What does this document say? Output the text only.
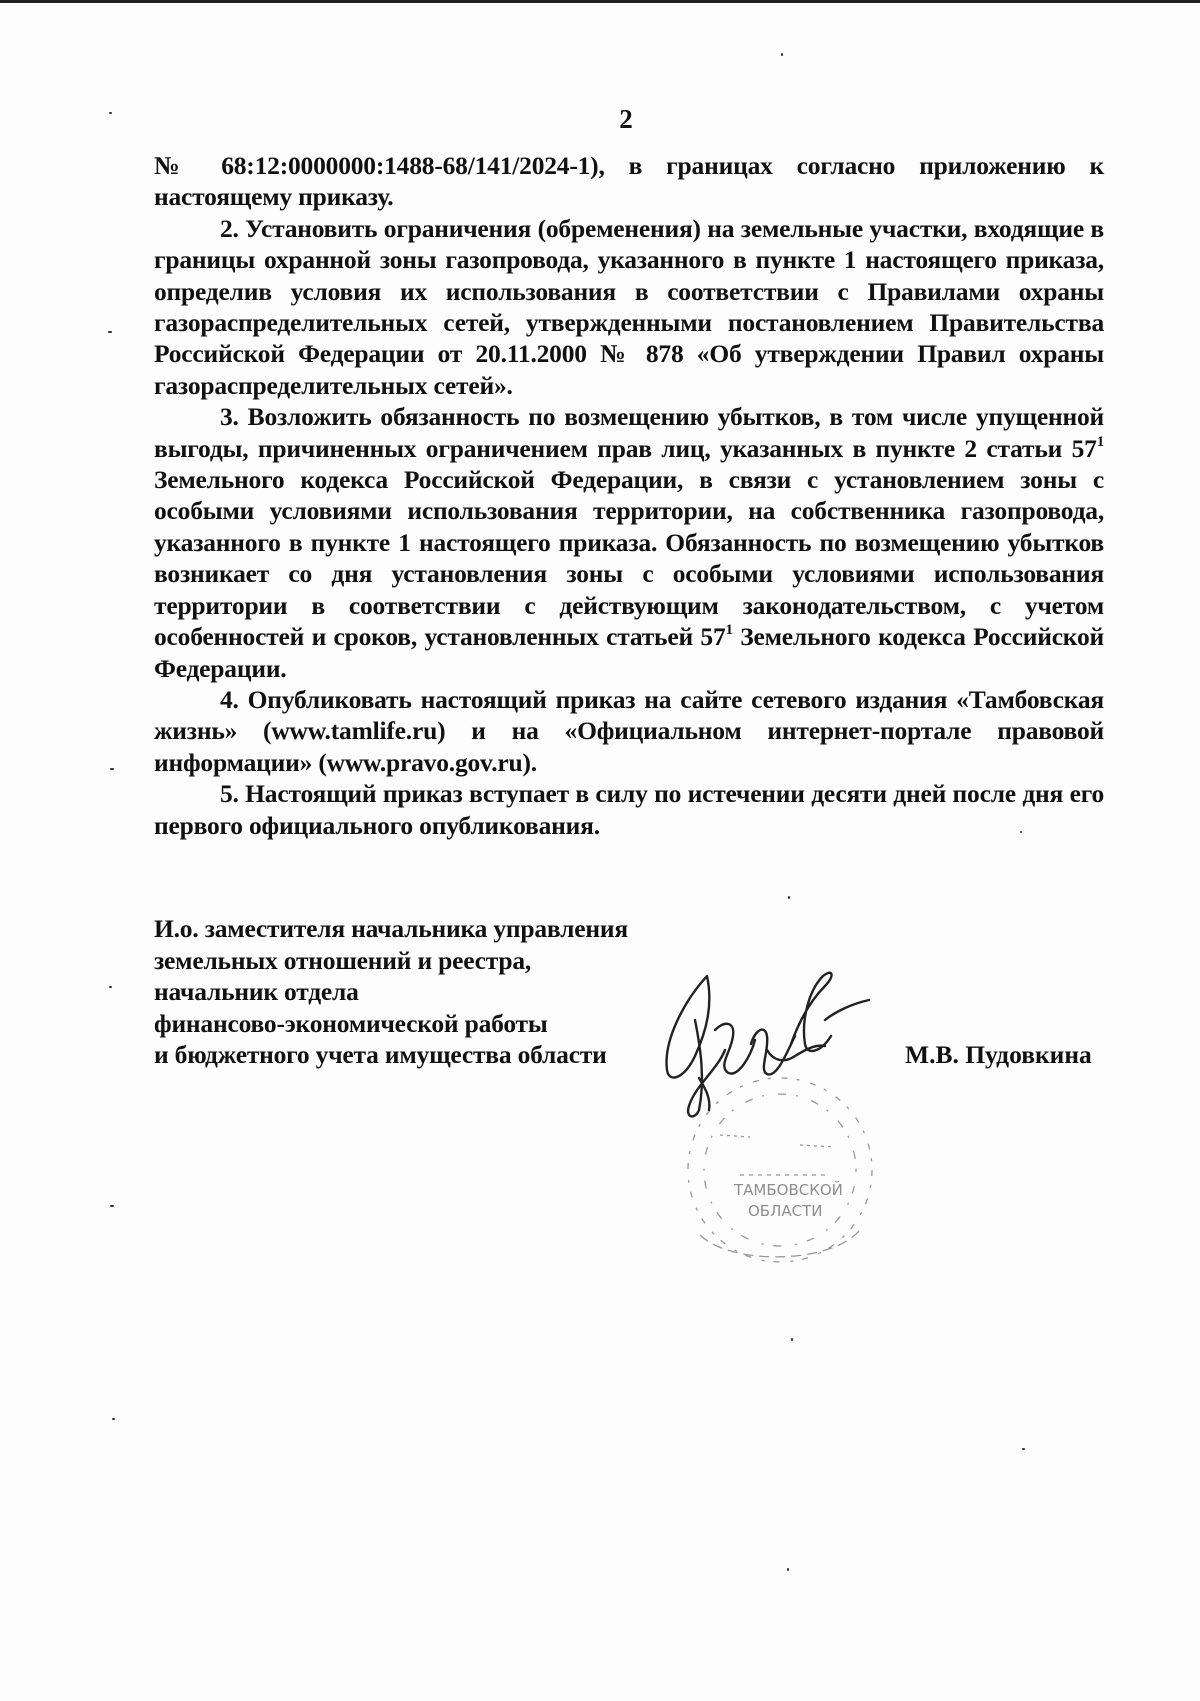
2

№ 68:12:0000000:1488-68/141/2024-1), в границах согласно приложению к настоящему приказу.

2. Установить ограничения (обременения) на земельные участки, входящие в границы охранной зоны газопровода, указанного в пункте 1 настоящего приказа, определив условия их использования в соответствии с Правилами охраны газораспределительных сетей, утвержденными постановлением Правительства Российской Федерации от 20.11.2000 № 878 «Об утверждении Правил охраны газораспределительных сетей».

3. Возложить обязанность по возмещению убытков, в том числе упущенной выгоды, причиненных ограничением прав лиц, указанных в пункте 2 статьи $57^1$ Земельного кодекса Российской Федерации, в связи с установлением зоны с особыми условиями использования территории, на собственника газопровода, указанного в пункте 1 настоящего приказа. Обязанность по возмещению убытков возникает со дня установления зоны с особыми условиями использования территории в соответствии с действующим законодательством, с учетом особенностей и сроков, установленных статьей $57^1$ Земельного кодекса Российской Федерации.

4. Опубликовать настоящий приказ на сайте сетевого издания «Тамбовская жизнь» (www.tamlife.ru) и на «Официальном интернет-портале правовой информации» (www.pravo.gov.ru).

5. Настоящий приказ вступает в силу по истечении десяти дней после дня его первого официального опубликования.

И.о. заместителя начальника управления
земельных отношений и реестра,
начальник отдела
финансово-экономической работы
и бюджетного учета имущества области
ТАМБОВСКОЙ
ОБЛАСТИ
М.В. Пудовкина
